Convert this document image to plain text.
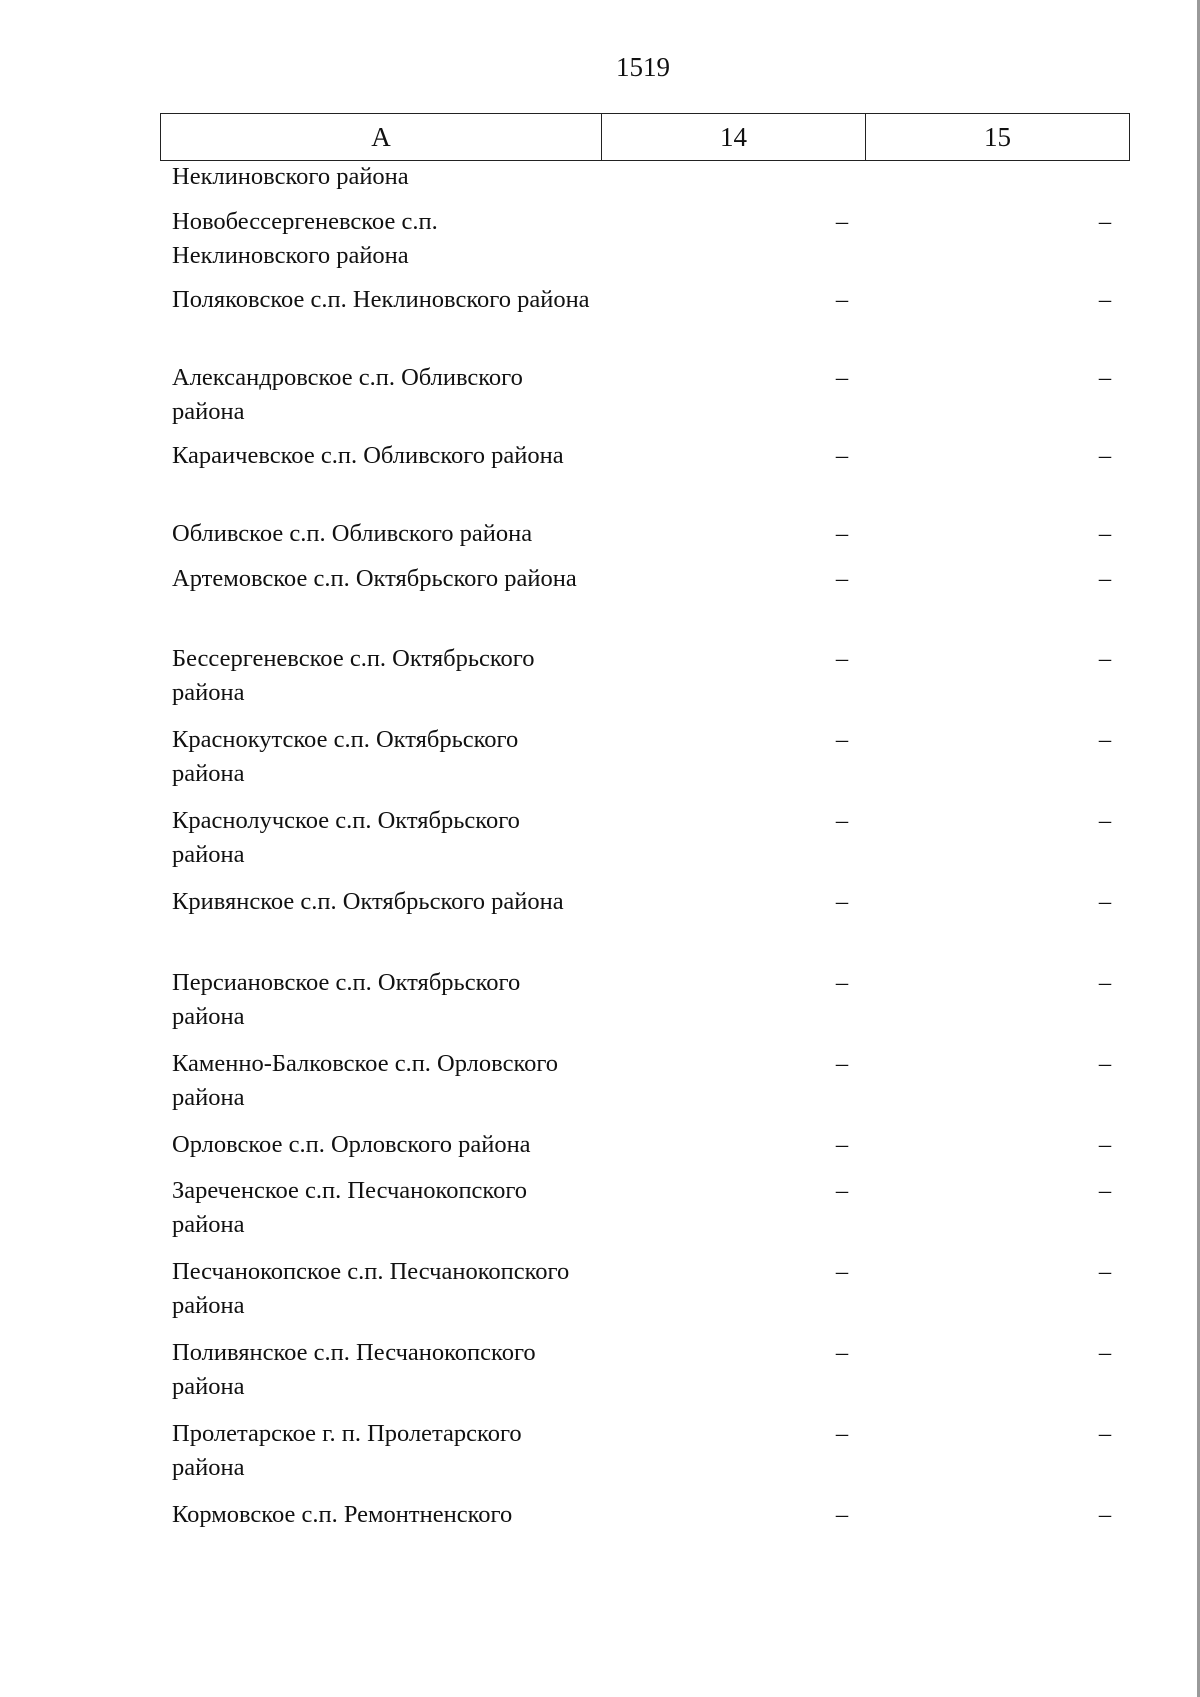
1519
А	14	15
Неклиновского района
Новобессергеневское с.п. Неклиновского района
–	–
Поляковское с.п. Неклиновского района	–	–
Александровское с.п. Обливского района
–	–
Караичевское с.п. Обливского района	–	–
Обливское с.п. Обливского района	–	–
Артемовское с.п. Октябрьского района	–	–
Бессергеневское с.п. Октябрьского района
–	–
Краснокутское с.п. Октябрьского района
–	–
Краснолучское с.п. Октябрьского района
–	–
Кривянское с.п. Октябрьского района	–	–
Персиановское с.п. Октябрьского района
–	–
Каменно-Балковское с.п. Орловского района
–	–
Орловское с.п. Орловского района	–	–
Зареченское с.п. Песчанокопского района
–	–
Песчанокопское с.п. Песчанокопского района
–	–
Поливянское с.п. Песчанокопского района
–	–
Пролетарское г. п. Пролетарского района
–	–
Кормовское с.п. Ремонтненского	–	–
